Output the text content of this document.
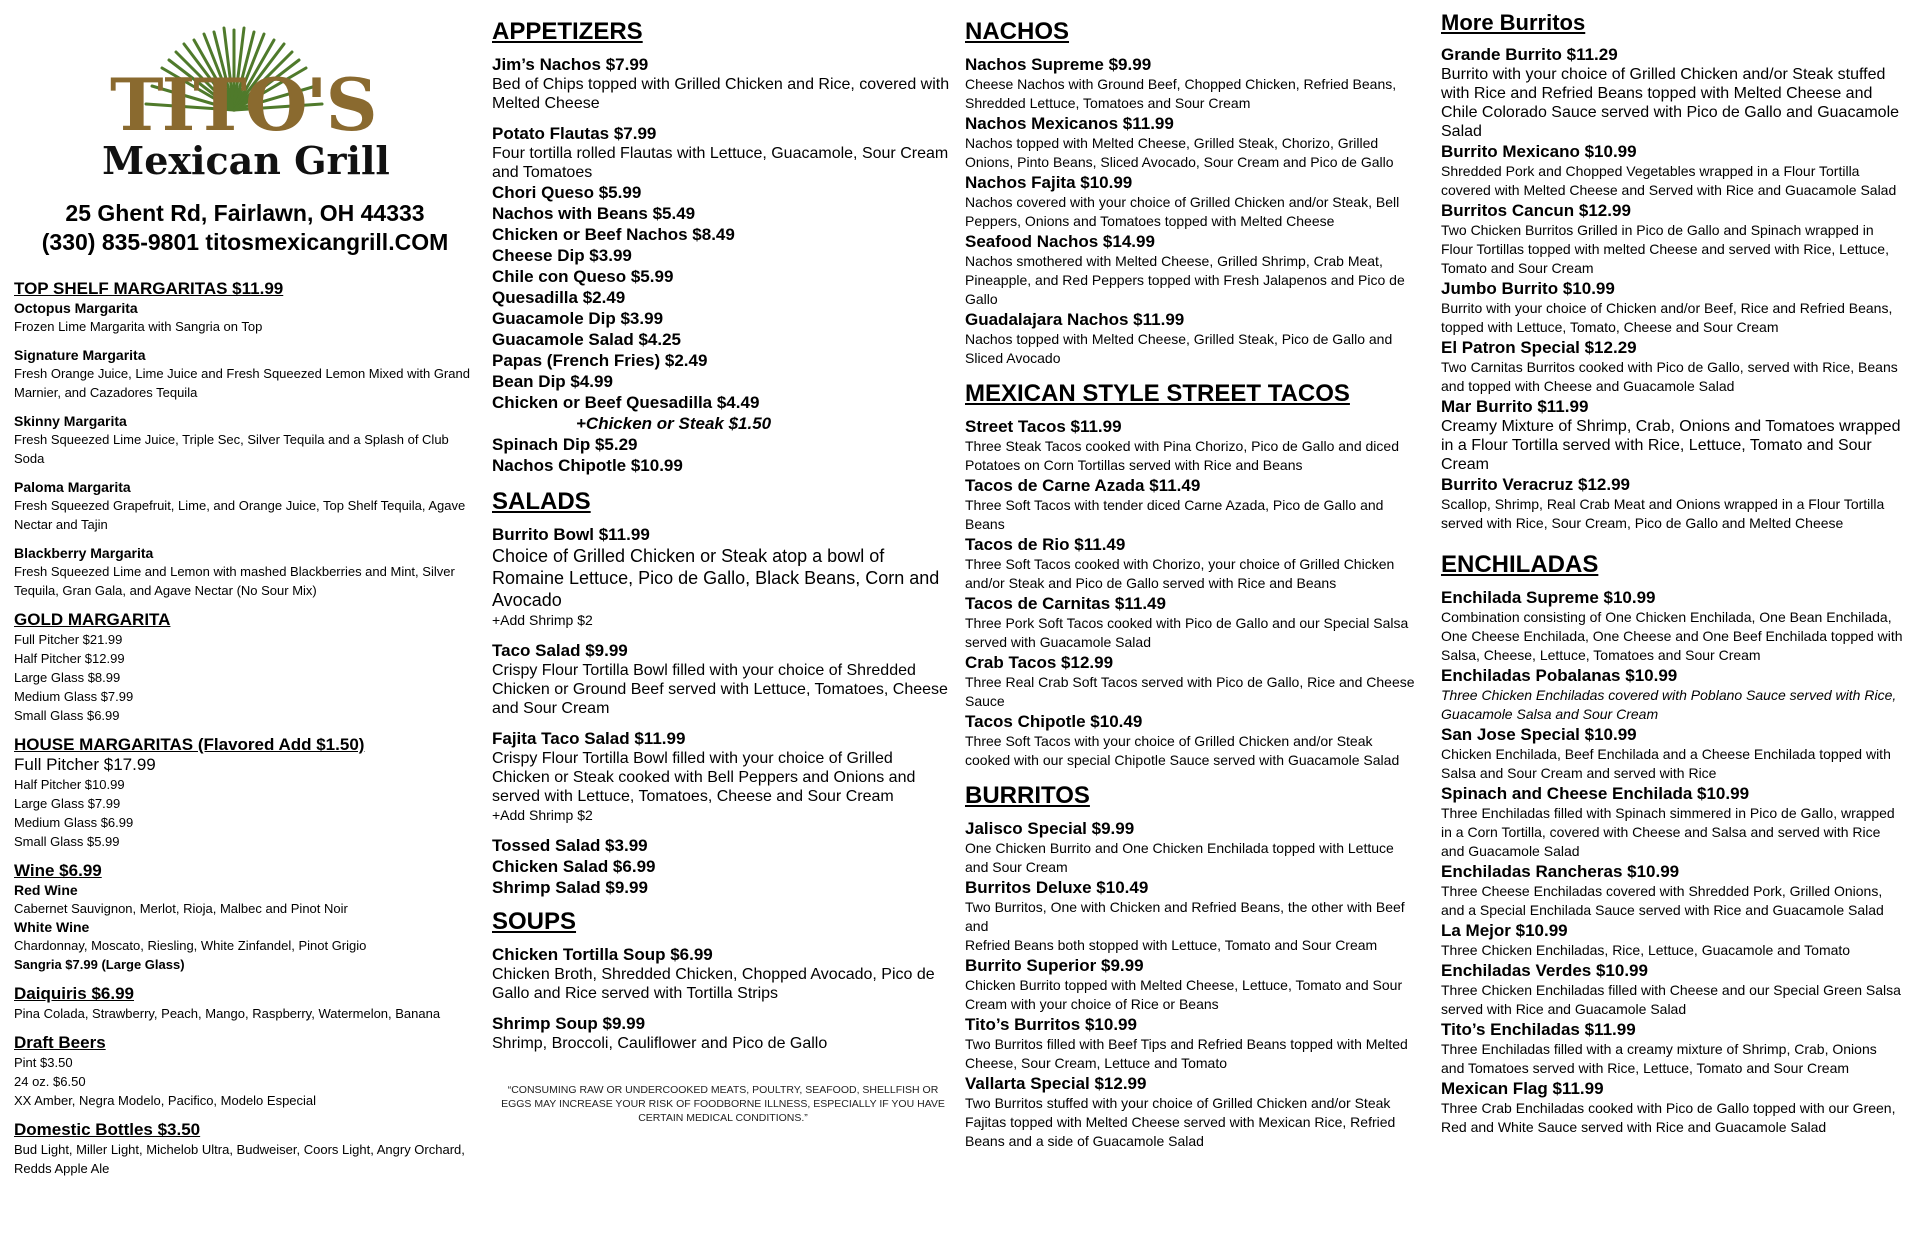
TITO'S
Mexican Grill
25 Ghent Rd, Fairlawn, OH 44333
(330) 835-9801 titosmexicangrill.COM
TOP SHELF MARGARITAS $11.99
Octopus Margarita
Frozen Lime Margarita with Sangria on Top
Signature Margarita
Fresh Orange Juice, Lime Juice and Fresh Squeezed Lemon Mixed with Grand Marnier, and Cazadores Tequila
Skinny Margarita
Fresh Squeezed Lime Juice, Triple Sec, Silver Tequila and a Splash of Club Soda
Paloma Margarita
Fresh Squeezed Grapefruit, Lime, and Orange Juice, Top Shelf Tequila, Agave Nectar and Tajin
Blackberry Margarita
Fresh Squeezed Lime and Lemon with mashed Blackberries and Mint, Silver Tequila, Gran Gala, and Agave Nectar (No Sour Mix)
GOLD MARGARITA
Full Pitcher $21.99
Half Pitcher $12.99
Large Glass $8.99
Medium Glass $7.99
Small Glass $6.99
HOUSE MARGARITAS (Flavored Add $1.50)
Full Pitcher $17.99
Half Pitcher $10.99
Large Glass $7.99
Medium Glass $6.99
Small Glass $5.99
Wine $6.99
Red Wine
Cabernet Sauvignon, Merlot, Rioja, Malbec and Pinot Noir
White Wine
Chardonnay, Moscato, Riesling, White Zinfandel, Pinot Grigio
Sangria $7.99 (Large Glass)
Daiquiris $6.99
Pina Colada, Strawberry, Peach, Mango, Raspberry, Watermelon, Banana
Draft Beers
Pint $3.50
24 oz. $6.50
XX Amber, Negra Modelo, Pacifico, Modelo Especial
Domestic Bottles $3.50
Bud Light, Miller Light, Michelob Ultra, Budweiser, Coors Light, Angry Orchard, Redds Apple Ale
APPETIZERS
Jim’s Nachos $7.99
Bed of Chips topped with Grilled Chicken and Rice, covered with Melted Cheese
Potato Flautas $7.99
Four tortilla rolled Flautas with Lettuce, Guacamole, Sour Cream
and Tomatoes
Chori Queso $5.99
Nachos with Beans $5.49
Chicken or Beef Nachos $8.49
Cheese Dip $3.99
Chile con Queso $5.99
Quesadilla $2.49
Guacamole Dip $3.99
Guacamole Salad $4.25
Papas (French Fries) $2.49
Bean Dip $4.99
Chicken or Beef Quesadilla $4.49
+Chicken or Steak $1.50
Spinach Dip $5.29
Nachos Chipotle $10.99
SALADS
Burrito Bowl $11.99
Choice of Grilled Chicken or Steak atop a bowl of Romaine Lettuce, Pico de Gallo, Black Beans, Corn and Avocado
+Add Shrimp $2
Taco Salad $9.99
Crispy Flour Tortilla Bowl filled with your choice of Shredded Chicken or Ground Beef served with Lettuce, Tomatoes, Cheese and Sour Cream
Fajita Taco Salad $11.99
Crispy Flour Tortilla Bowl filled with your choice of Grilled Chicken or Steak cooked with Bell Peppers and Onions and served with Lettuce, Tomatoes, Cheese and Sour Cream
+Add Shrimp $2
Tossed Salad $3.99
Chicken Salad $6.99
Shrimp Salad $9.99
SOUPS
Chicken Tortilla Soup $6.99
Chicken Broth, Shredded Chicken, Chopped Avocado, Pico de Gallo and Rice served with Tortilla Strips
Shrimp Soup $9.99
Shrimp, Broccoli, Cauliflower and Pico de Gallo
“CONSUMING RAW OR UNDERCOOKED MEATS, POULTRY, SEAFOOD, SHELLFISH OR EGGS MAY INCREASE YOUR RISK OF FOODBORNE ILLNESS, ESPECIALLY IF YOU HAVE CERTAIN MEDICAL CONDITIONS.”
NACHOS
Nachos Supreme $9.99
Cheese Nachos with Ground Beef, Chopped Chicken, Refried Beans, Shredded Lettuce, Tomatoes and Sour Cream
Nachos Mexicanos $11.99
Nachos topped with Melted Cheese, Grilled Steak, Chorizo, Grilled Onions, Pinto Beans, Sliced Avocado, Sour Cream and Pico de Gallo
Nachos Fajita $10.99
Nachos covered with your choice of Grilled Chicken and/or Steak, Bell Peppers, Onions and Tomatoes topped with Melted Cheese
Seafood Nachos $14.99
Nachos smothered with Melted Cheese, Grilled Shrimp, Crab Meat, Pineapple, and Red Peppers topped with Fresh Jalapenos and Pico de Gallo
Guadalajara Nachos $11.99
Nachos topped with Melted Cheese, Grilled Steak, Pico de Gallo and Sliced Avocado
MEXICAN STYLE STREET TACOS
Street Tacos $11.99
Three Steak Tacos cooked with Pina Chorizo, Pico de Gallo and diced Potatoes on Corn Tortillas served with Rice and Beans
Tacos de Carne Azada $11.49
Three Soft Tacos with tender diced Carne Azada, Pico de Gallo and Beans
Tacos de Rio $11.49
Three Soft Tacos cooked with Chorizo, your choice of Grilled Chicken and/or Steak and Pico de Gallo served with Rice and Beans
Tacos de Carnitas $11.49
Three Pork Soft Tacos cooked with Pico de Gallo and our Special Salsa served with Guacamole Salad
Crab Tacos $12.99
Three Real Crab Soft Tacos served with Pico de Gallo, Rice and Cheese Sauce
Tacos Chipotle $10.49
Three Soft Tacos with your choice of Grilled Chicken and/or Steak cooked with our special Chipotle Sauce served with Guacamole Salad
BURRITOS
Jalisco Special $9.99
One Chicken Burrito and One Chicken Enchilada topped with Lettuce and Sour Cream
Burritos Deluxe $10.49
Two Burritos, One with Chicken and Refried Beans, the other with Beef and
Refried Beans both stopped with Lettuce, Tomato and Sour Cream
Burrito Superior $9.99
Chicken Burrito topped with Melted Cheese, Lettuce, Tomato and Sour Cream with your choice of Rice or Beans
Tito’s Burritos $10.99
Two Burritos filled with Beef Tips and Refried Beans topped with Melted Cheese, Sour Cream, Lettuce and Tomato
Vallarta Special $12.99
Two Burritos stuffed with your choice of Grilled Chicken and/or Steak Fajitas topped with Melted Cheese served with Mexican Rice, Refried Beans and a side of Guacamole Salad
More Burritos
Grande Burrito $11.29
Burrito with your choice of Grilled Chicken and/or Steak stuffed with Rice and Refried Beans topped with Melted Cheese and Chile Colorado Sauce served with Pico de Gallo and Guacamole Salad
Burrito Mexicano $10.99
Shredded Pork and Chopped Vegetables wrapped in a Flour Tortilla covered with Melted Cheese and Served with Rice and Guacamole Salad
Burritos Cancun $12.99
Two Chicken Burritos Grilled in Pico de Gallo and Spinach wrapped in Flour Tortillas topped with melted Cheese and served with Rice, Lettuce, Tomato and Sour Cream
Jumbo Burrito $10.99
Burrito with your choice of Chicken and/or Beef, Rice and Refried Beans, topped with Lettuce, Tomato, Cheese and Sour Cream
El Patron Special $12.29
Two Carnitas Burritos cooked with Pico de Gallo, served with Rice, Beans and topped with Cheese and Guacamole Salad
Mar Burrito $11.99
Creamy Mixture of Shrimp, Crab, Onions and Tomatoes wrapped in a Flour Tortilla served with Rice, Lettuce, Tomato and Sour Cream
Burrito Veracruz $12.99
Scallop, Shrimp, Real Crab Meat and Onions wrapped in a Flour Tortilla served with Rice, Sour Cream, Pico de Gallo and Melted Cheese
ENCHILADAS
Enchilada Supreme $10.99
Combination consisting of One Chicken Enchilada, One Bean Enchilada, One Cheese Enchilada, One Cheese and One Beef Enchilada topped with Salsa, Cheese, Lettuce, Tomatoes and Sour Cream
Enchiladas Pobalanas $10.99
Three Chicken Enchiladas covered with Poblano Sauce served with Rice, Guacamole Salsa and Sour Cream
San Jose Special $10.99
Chicken Enchilada, Beef Enchilada and a Cheese Enchilada topped with Salsa and Sour Cream and served with Rice
Spinach and Cheese Enchilada $10.99
Three Enchiladas filled with Spinach simmered in Pico de Gallo, wrapped in a Corn Tortilla, covered with Cheese and Salsa and served with Rice and Guacamole Salad
Enchiladas Rancheras $10.99
Three Cheese Enchiladas covered with Shredded Pork, Grilled Onions, and a Special Enchilada Sauce served with Rice and Guacamole Salad
La Mejor $10.99
Three Chicken Enchiladas, Rice, Lettuce, Guacamole and Tomato
Enchiladas Verdes $10.99
Three Chicken Enchiladas filled with Cheese and our Special Green Salsa served with Rice and Guacamole Salad
Tito’s Enchiladas $11.99
Three Enchiladas filled with a creamy mixture of Shrimp, Crab, Onions and Tomatoes served with Rice, Lettuce, Tomato and Sour Cream
Mexican Flag $11.99
Three Crab Enchiladas cooked with Pico de Gallo topped with our Green, Red and White Sauce served with Rice and Guacamole Salad
